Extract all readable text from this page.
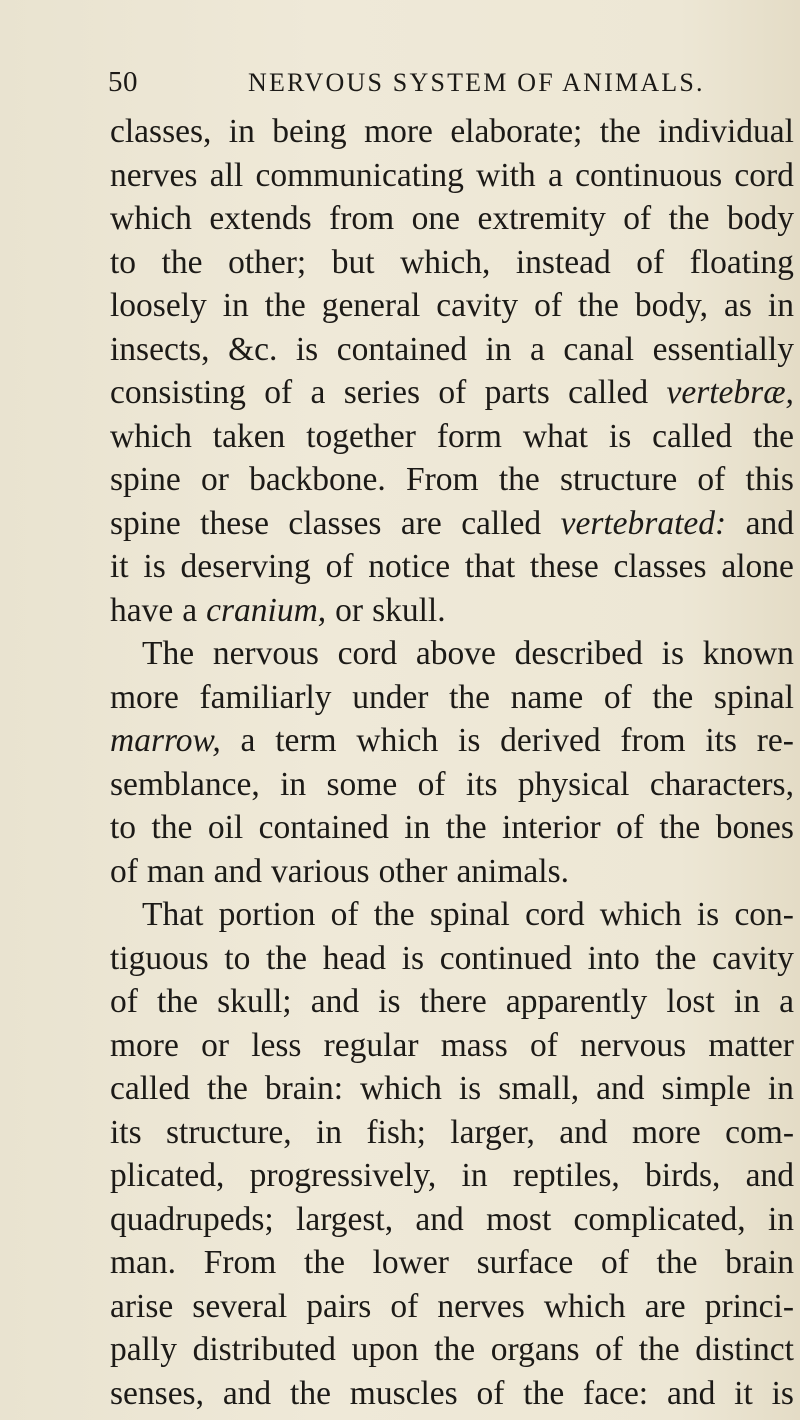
50	NERVOUS SYSTEM OF ANIMALS.
classes, in being more elaborate; the individual
nerves all communicating with a continuous cord
which extends from one extremity of the body
to the other; but which, instead of floating
loosely in the general cavity of the body, as in
insects, &c. is contained in a canal essentially
consisting of a series of parts called vertebræ,
which taken together form what is called the
spine or backbone. From the structure of this
spine these classes are called vertebrated: and
it is deserving of notice that these classes alone
have a cranium, or skull.
The nervous cord above described is known
more familiarly under the name of the spinal
marrow, a term which is derived from its re-
semblance, in some of its physical characters,
to the oil contained in the interior of the bones
of man and various other animals.
That portion of the spinal cord which is con-
tiguous to the head is continued into the cavity
of the skull; and is there apparently lost in a
more or less regular mass of nervous matter
called the brain: which is small, and simple in
its structure, in fish; larger, and more com-
plicated, progressively, in reptiles, birds, and
quadrupeds; largest, and most complicated, in
man. From the lower surface of the brain
arise several pairs of nerves which are princi-
pally distributed upon the organs of the distinct
senses, and the muscles of the face: and it is
